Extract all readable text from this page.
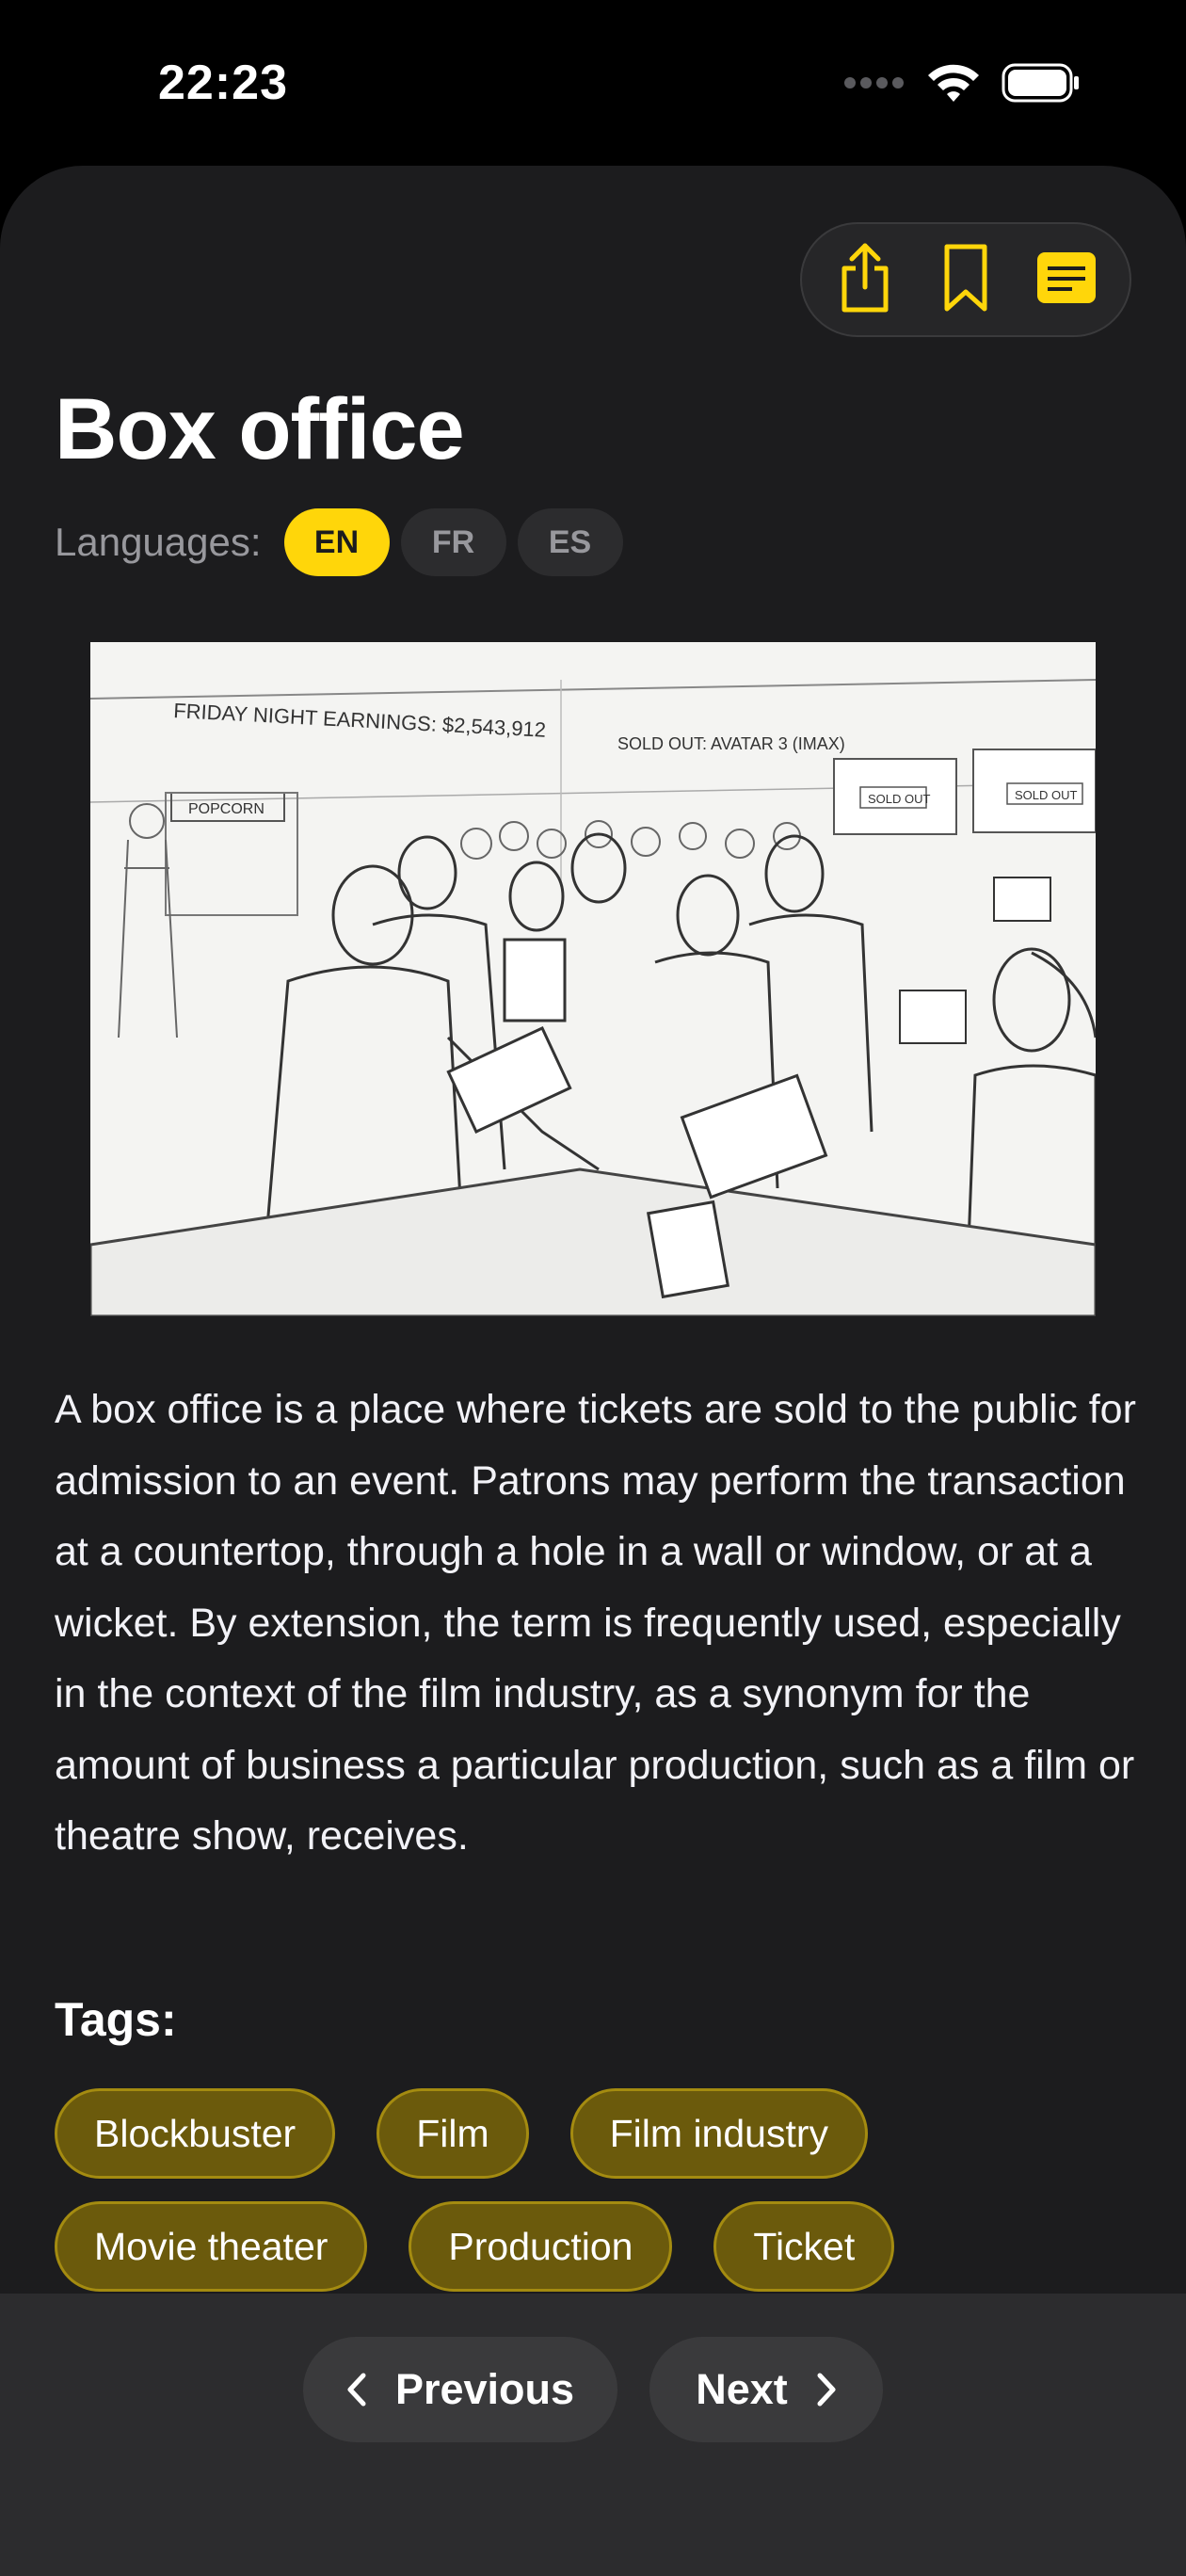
22:23
Box office
Languages:	EN	FR	ES
FRIDAY NIGHT EARNINGS: $2,543,912
SOLD OUT: AVATAR 3 (IMAX)
POPCORN
SOLD OUT	SOLD OUT

A box office is a place where tickets are sold to the public for admission to an event. Patrons may perform the transaction at a countertop, through a hole in a wall or window, or at a wicket. By extension, the term is frequently used, especially in the context of the film industry, as a synonym for the amount of business a particular production, such as a film or theatre show, receives.

Tags:
Blockbuster	Film	Film industry
Movie theater	Production	Ticket
Previous	Next
